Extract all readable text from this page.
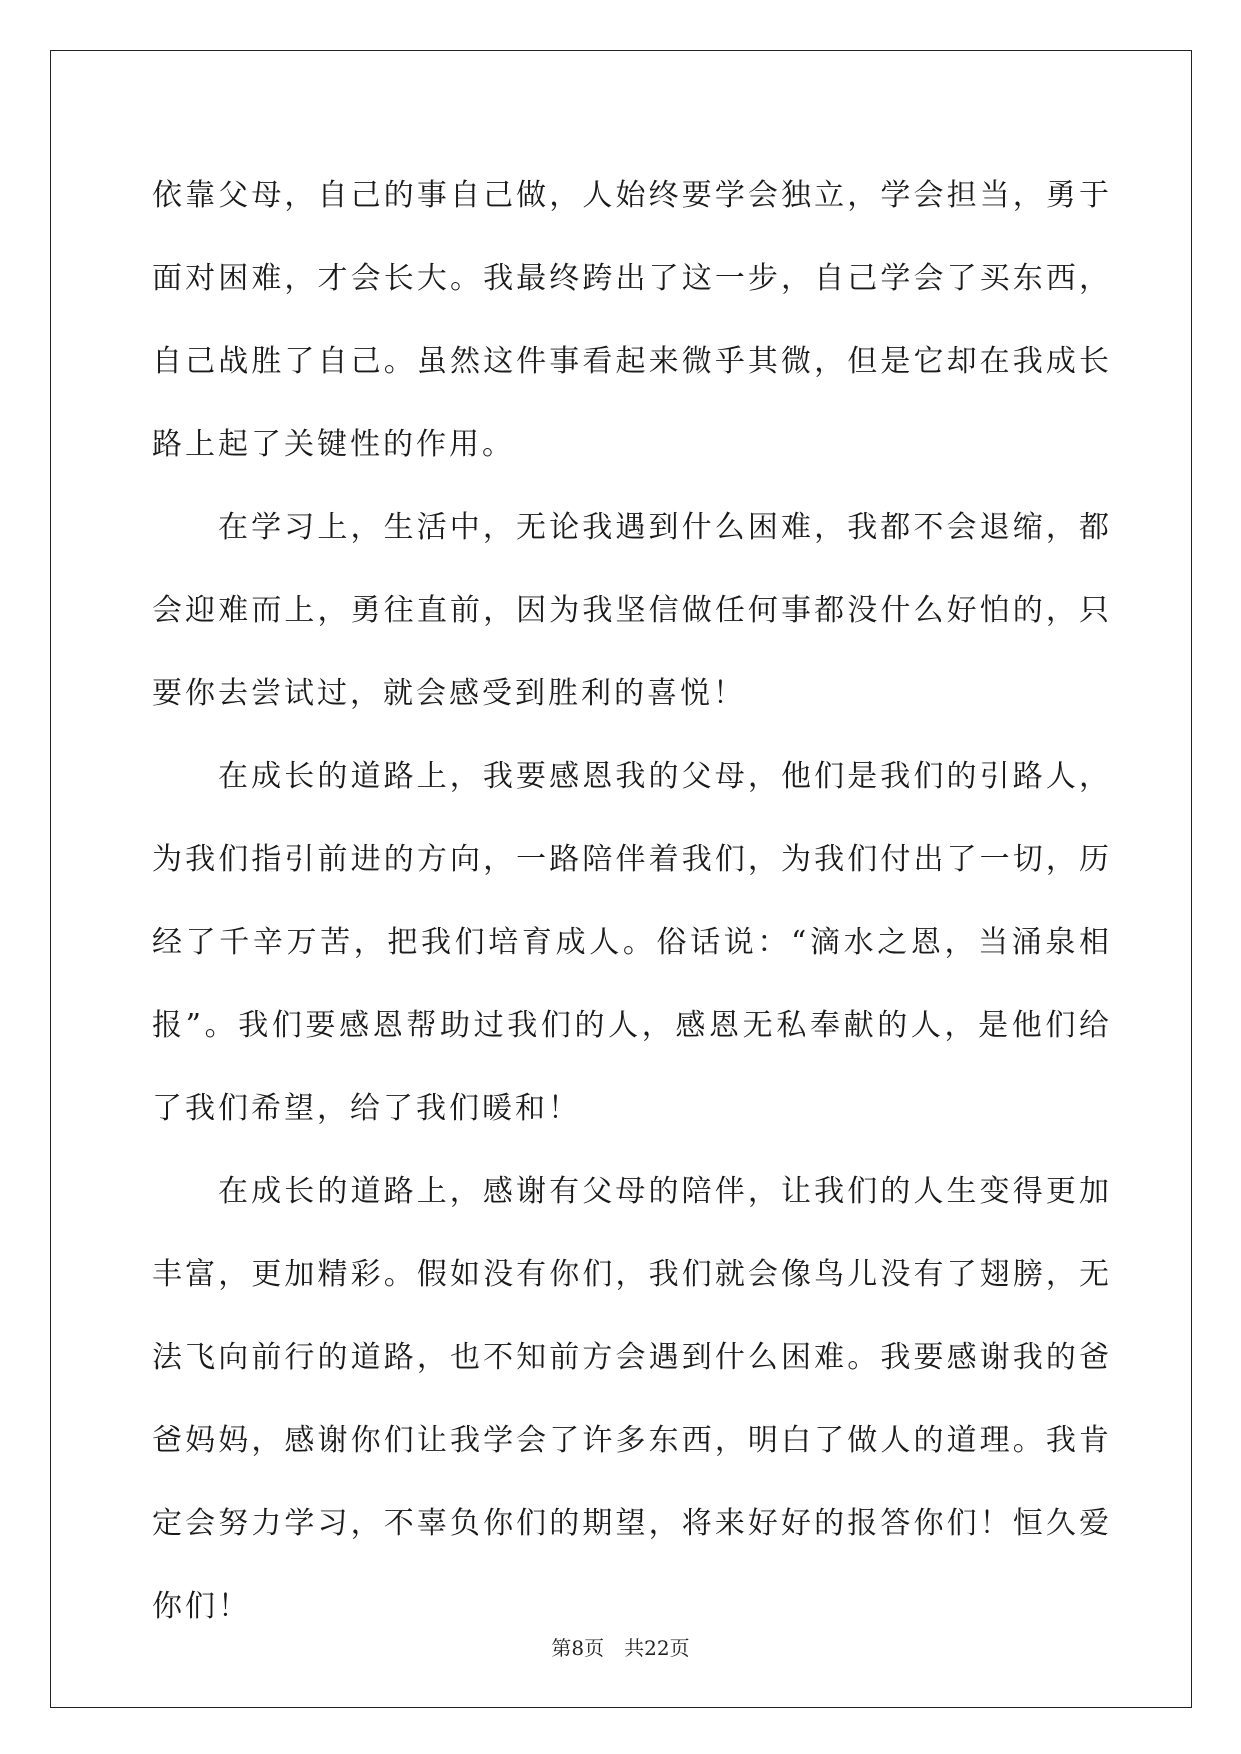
依靠父母，自己的事自己做，人始终要学会独立，学会担当，勇于面对困难，才会长大。我最终跨出了这一步，自己学会了买东西，自己战胜了自己。虽然这件事看起来微乎其微，但是它却在我成长路上起了关键性的作用。

在学习上，生活中，无论我遇到什么困难，我都不会退缩，都会迎难而上，勇往直前，因为我坚信做任何事都没什么好怕的，只要你去尝试过，就会感受到胜利的喜悦！

在成长的道路上，我要感恩我的父母，他们是我们的引路人，为我们指引前进的方向，一路陪伴着我们，为我们付出了一切，历经了千辛万苦，把我们培育成人。俗话说：“滴水之恩，当涌泉相报”。我们要感恩帮助过我们的人，感恩无私奉献的人，是他们给了我们希望，给了我们暖和！

在成长的道路上，感谢有父母的陪伴，让我们的人生变得更加丰富，更加精彩。假如没有你们，我们就会像鸟儿没有了翅膀，无法飞向前行的道路，也不知前方会遇到什么困难。我要感谢我的爸爸妈妈，感谢你们让我学会了许多东西，明白了做人的道理。我肯定会努力学习，不辜负你们的期望，将来好好的报答你们！恒久爱你们！

第8页 共22页
